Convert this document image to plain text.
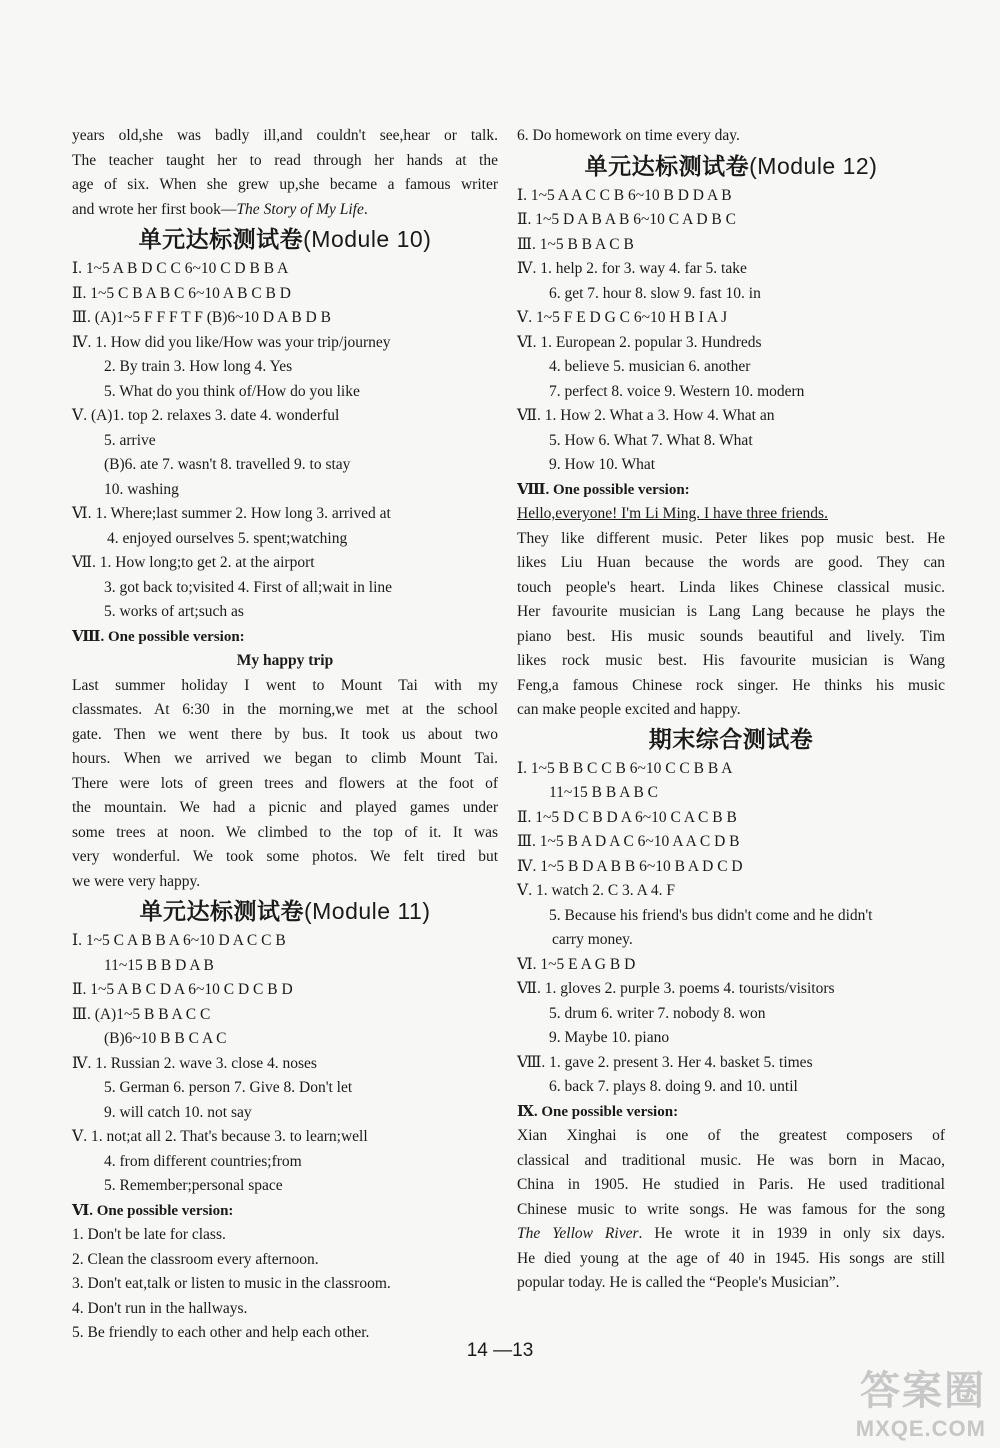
years old,she was badly ill,and couldn't see,hear or talk.
The teacher taught her to read through her hands at the
age of six. When she grew up,she became a famous writer
and wrote her first book—The Story of My Life.
单元达标测试卷(Module 10)
Ⅰ. 1~5 A B D C C 6~10 C D B B A
Ⅱ. 1~5 C B A B C 6~10 A B C B D
Ⅲ. (A)1~5 F F F T F (B)6~10 D A B D B
Ⅳ. 1. How did you like/How was your trip/journey
2. By train 3. How long 4. Yes
5. What do you think of/How do you like
Ⅴ. (A)1. top 2. relaxes 3. date 4. wonderful
5. arrive
(B)6. ate 7. wasn't 8. travelled 9. to stay
10. washing
Ⅵ. 1. Where;last summer 2. How long 3. arrived at
4. enjoyed ourselves 5. spent;watching
Ⅶ. 1. How long;to get 2. at the airport
3. got back to;visited 4. First of all;wait in line
5. works of art;such as
Ⅷ. One possible version:
My happy trip
Last summer holiday I went to Mount Tai with my
classmates. At 6:30 in the morning,we met at the school
gate. Then we went there by bus. It took us about two
hours. When we arrived we began to climb Mount Tai.
There were lots of green trees and flowers at the foot of
the mountain. We had a picnic and played games under
some trees at noon. We climbed to the top of it. It was
very wonderful. We took some photos. We felt tired but
we were very happy.
单元达标测试卷(Module 11)
Ⅰ. 1~5 C A B B A 6~10 D A C C B
11~15 B B D A B
Ⅱ. 1~5 A B C D A 6~10 C D C B D
Ⅲ. (A)1~5 B B A C C
(B)6~10 B B C A C
Ⅳ. 1. Russian 2. wave 3. close 4. noses
5. German 6. person 7. Give 8. Don't let
9. will catch 10. not say
Ⅴ. 1. not;at all 2. That's because 3. to learn;well
4. from different countries;from
5. Remember;personal space
Ⅵ. One possible version:
1. Don't be late for class.
2. Clean the classroom every afternoon.
3. Don't eat,talk or listen to music in the classroom.
4. Don't run in the hallways.
5. Be friendly to each other and help each other.
6. Do homework on time every day.
单元达标测试卷(Module 12)
Ⅰ. 1~5 A A C C B 6~10 B D D A B
Ⅱ. 1~5 D A B A B 6~10 C A D B C
Ⅲ. 1~5 B B A C B
Ⅳ. 1. help 2. for 3. way 4. far 5. take
6. get 7. hour 8. slow 9. fast 10. in
Ⅴ. 1~5 F E D G C 6~10 H B I A J
Ⅵ. 1. European 2. popular 3. Hundreds
4. believe 5. musician 6. another
7. perfect 8. voice 9. Western 10. modern
Ⅶ. 1. How 2. What a 3. How 4. What an
5. How 6. What 7. What 8. What
9. How 10. What
Ⅷ. One possible version:
Hello,everyone! I'm Li Ming. I have three friends.
They like different music. Peter likes pop music best. He
likes Liu Huan because the words are good. They can
touch people's heart. Linda likes Chinese classical music.
Her favourite musician is Lang Lang because he plays the
piano best. His music sounds beautiful and lively. Tim
likes rock music best. His favourite musician is Wang
Feng,a famous Chinese rock singer. He thinks his music
can make people excited and happy.
期末综合测试卷
Ⅰ. 1~5 B B C C B 6~10 C C B B A
11~15 B B A B C
Ⅱ. 1~5 D C B D A 6~10 C A C B B
Ⅲ. 1~5 B A D A C 6~10 A A C D B
Ⅳ. 1~5 B D A B B 6~10 B A D C D
Ⅴ. 1. watch 2. C 3. A 4. F
5. Because his friend's bus didn't come and he didn't
carry money.
Ⅵ. 1~5 E A G B D
Ⅶ. 1. gloves 2. purple 3. poems 4. tourists/visitors
5. drum 6. writer 7. nobody 8. won
9. Maybe 10. piano
Ⅷ. 1. gave 2. present 3. Her 4. basket 5. times
6. back 7. plays 8. doing 9. and 10. until
Ⅸ. One possible version:
Xian Xinghai is one of the greatest composers of
classical and traditional music. He was born in Macao,
China in 1905. He studied in Paris. He used traditional
Chinese music to write songs. He was famous for the song
The Yellow River. He wrote it in 1939 in only six days.
He died young at the age of 40 in 1945. His songs are still
popular today. He is called the “People's Musician”.
14 —13
答案圈
MXQE.COM
